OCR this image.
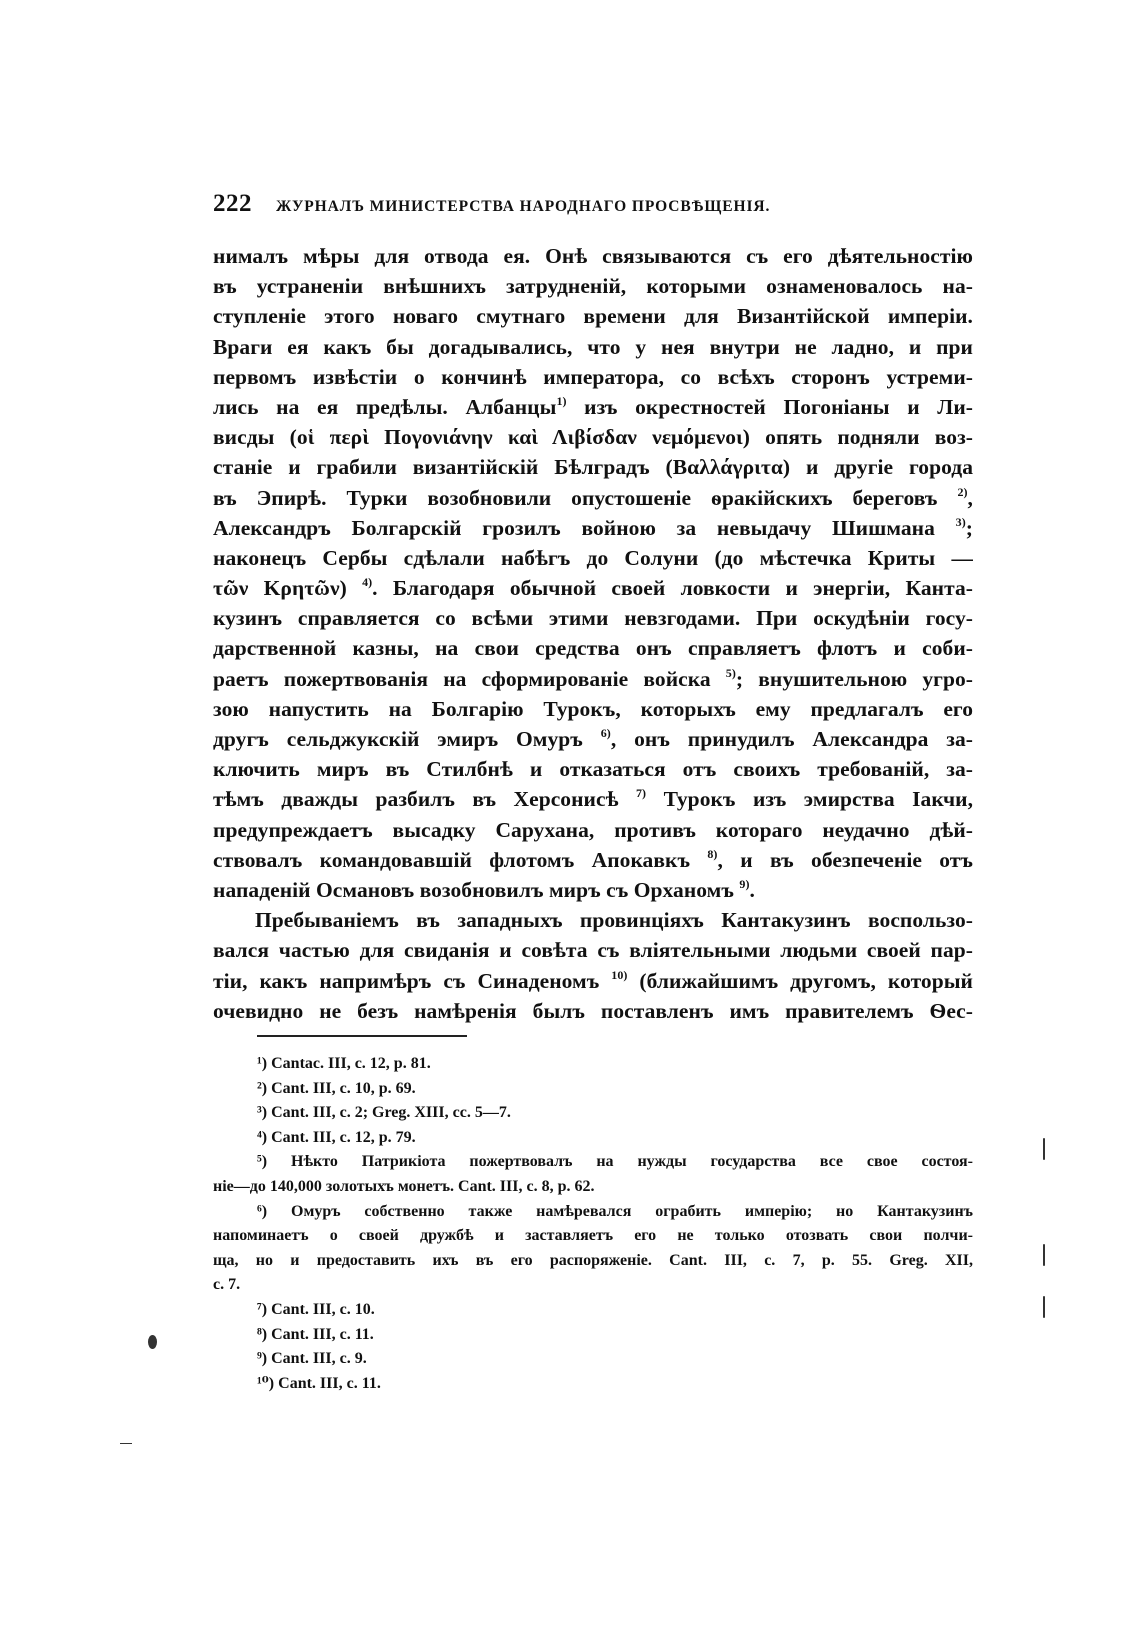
222 ЖУРНАЛЪ МИНИСТЕРСТВА НАРОДНАГО ПРОСВѢЩЕНІЯ.
нималъ мѣры для отвода ея. Онѣ связываются съ его дѣятельностію
въ устраненіи внѣшнихъ затрудненій, которыми ознаменовалось на-
ступленіе этого новаго смутнаго времени для Византійской имперіи.
Враги ея какъ бы догадывались, что у нея внутри не ладно, и при
первомъ извѣстіи о кончинѣ императора, со всѣхъ сторонъ устреми-
лись на ея предѣлы. Албанцы$^{1)}$ изъ окрестностей Погоніаны и Ли-
висды (οἱ περὶ Πογονιάνην καὶ Λιβίσδαν νεμόμενοι) опять подняли воз-
станіе и грабили византійскій Бѣлградъ (Βαλλάγριτα) и другіе города
въ Эпирѣ. Турки возобновили опустошеніе ѳракійскихъ береговъ $^{2)}$,
Александръ Болгарскій грозилъ войною за невыдачу Шишмана $^{3)}$;
наконецъ Сербы сдѣлали набѣгъ до Солуни (до мѣстечка Криты —
τῶν Κρητῶν) $^{4)}$. Благодаря обычной своей ловкости и энергіи, Канта-
кузинъ справляется со всѣми этими невзгодами. При оскудѣніи госу-
дарственной казны, на свои средства онъ справляетъ флотъ и соби-
раетъ пожертвованія на сформированіе войска $^{5)}$; внушительною угро-
зою напустить на Болгарію Турокъ, которыхъ ему предлагалъ его
другъ сельджукскій эмиръ Омуръ $^{6)}$, онъ принудилъ Александра за-
ключить миръ въ Стилбнѣ и отказаться отъ своихъ требованій, за-
тѣмъ дважды разбилъ въ Херсонисѣ $^{7)}$ Турокъ изъ эмирства Іакчи,
предупреждаетъ высадку Сарухана, противъ котораго неудачно дѣй-
ствовалъ командовавшій флотомъ Апокавкъ $^{8)}$, и въ обезпеченіе отъ
нападеній Османовъ возобновилъ миръ съ Орханомъ $^{9)}$.
Пребываніемъ въ западныхъ провинціяхъ Кантакузинъ воспользо-
вался частью для свиданія и совѣта съ вліятельными людьми своей пар-
тіи, какъ напримѣръ съ Синаденомъ $^{10)}$ (ближайшимъ другомъ, который
очевидно не безъ намѣренія былъ поставленъ имъ правителемъ Ѳес-
¹) Cantac. III, c. 12, p. 81.
²) Cant. III, c. 10, p. 69.
³) Cant. III, c. 2; Greg. XIII, cc. 5—7.
⁴) Cant. III, c. 12, p. 79.
⁵) Нѣкто Патрикіота пожертвовалъ на нужды государства все свое состоя-
ніе—до 140,000 золотыхъ монетъ. Cant. III, c. 8, p. 62.
⁶) Омуръ собственно также намѣревался ограбить имперію; но Кантакузинъ
напоминаетъ о своей дружбѣ и заставляетъ его не только отозвать свои полчи-
ща, но и предоставить ихъ въ его распоряженіе. Cant. III, c. 7, p. 55. Greg. XII,
c. 7.
⁷) Cant. III, c. 10.
⁸) Cant. III, c. 11.
⁹) Cant. III, c. 9.
¹⁰) Cant. III, c. 11.
